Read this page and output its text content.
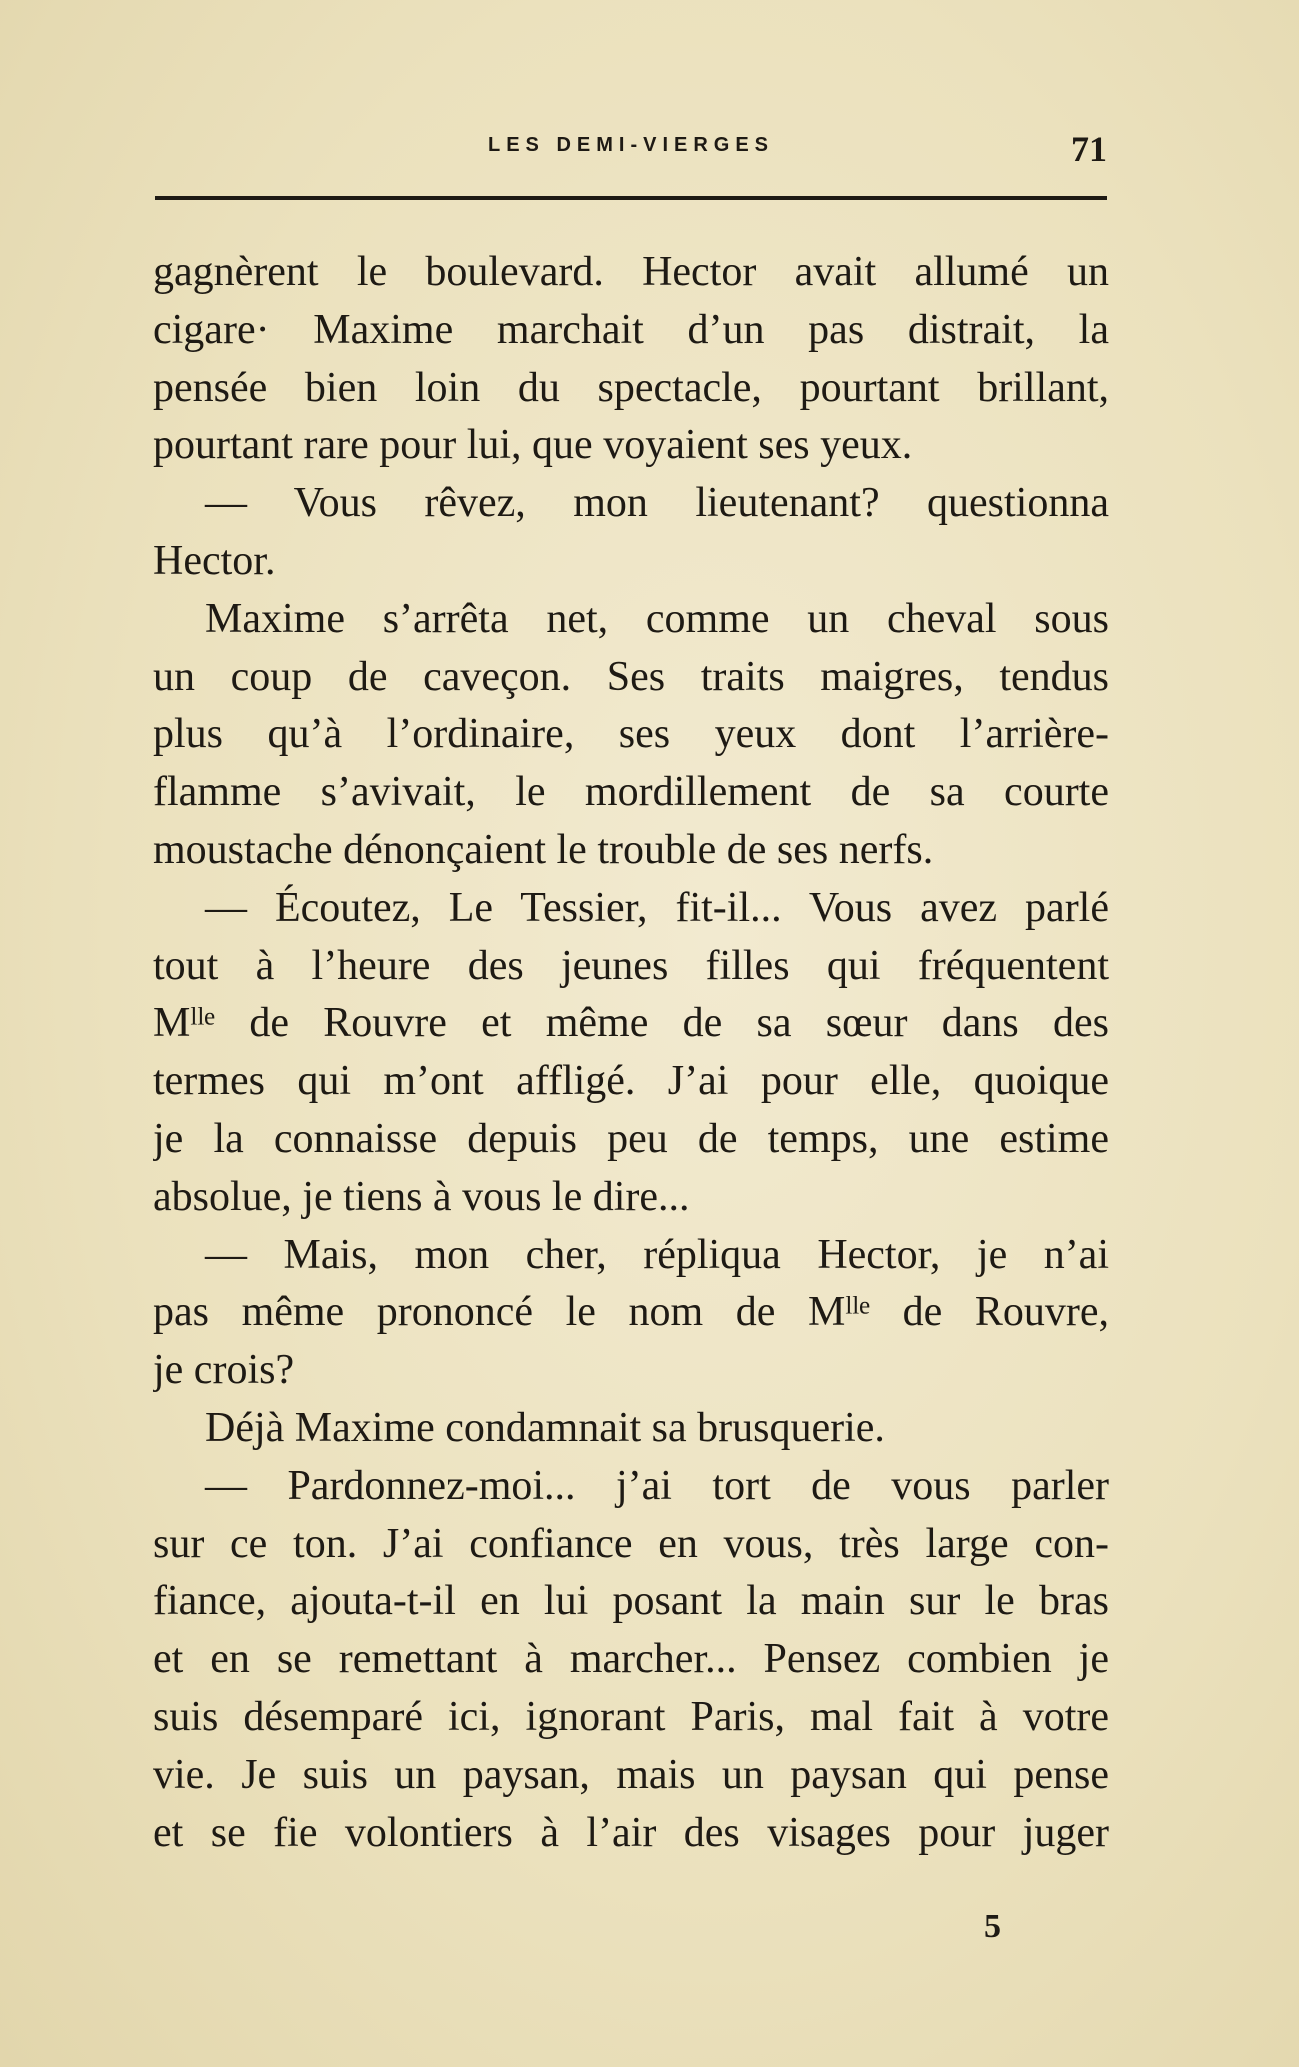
LES DEMI-VIERGES	71
gagnèrent le boulevard. Hector avait allumé un
cigare· Maxime marchait d’un pas distrait, la
pensée bien loin du spectacle, pourtant brillant,
pourtant rare pour lui, que voyaient ses yeux.
— Vous rêvez, mon lieutenant? questionna
Hector.
Maxime s’arrêta net, comme un cheval sous
un coup de caveçon. Ses traits maigres, tendus
plus qu’à l’ordinaire, ses yeux dont l’arrière-
flamme s’avivait, le mordillement de sa courte
moustache dénonçaient le trouble de ses nerfs.
— Écoutez, Le Tessier, fit-il... Vous avez parlé
tout à l’heure des jeunes filles qui fréquentent
Mˡˡᵉ de Rouvre et même de sa sœur dans des
termes qui m’ont affligé. J’ai pour elle, quoique
je la connaisse depuis peu de temps, une estime
absolue, je tiens à vous le dire...
— Mais, mon cher, répliqua Hector, je n’ai
pas même prononcé le nom de Mˡˡᵉ de Rouvre,
je crois?
Déjà Maxime condamnait sa brusquerie.
— Pardonnez-moi... j’ai tort de vous parler
sur ce ton. J’ai confiance en vous, très large con-
fiance, ajouta-t-il en lui posant la main sur le bras
et en se remettant à marcher... Pensez combien je
suis désemparé ici, ignorant Paris, mal fait à votre
vie. Je suis un paysan, mais un paysan qui pense
et se fie volontiers à l’air des visages pour juger
5
